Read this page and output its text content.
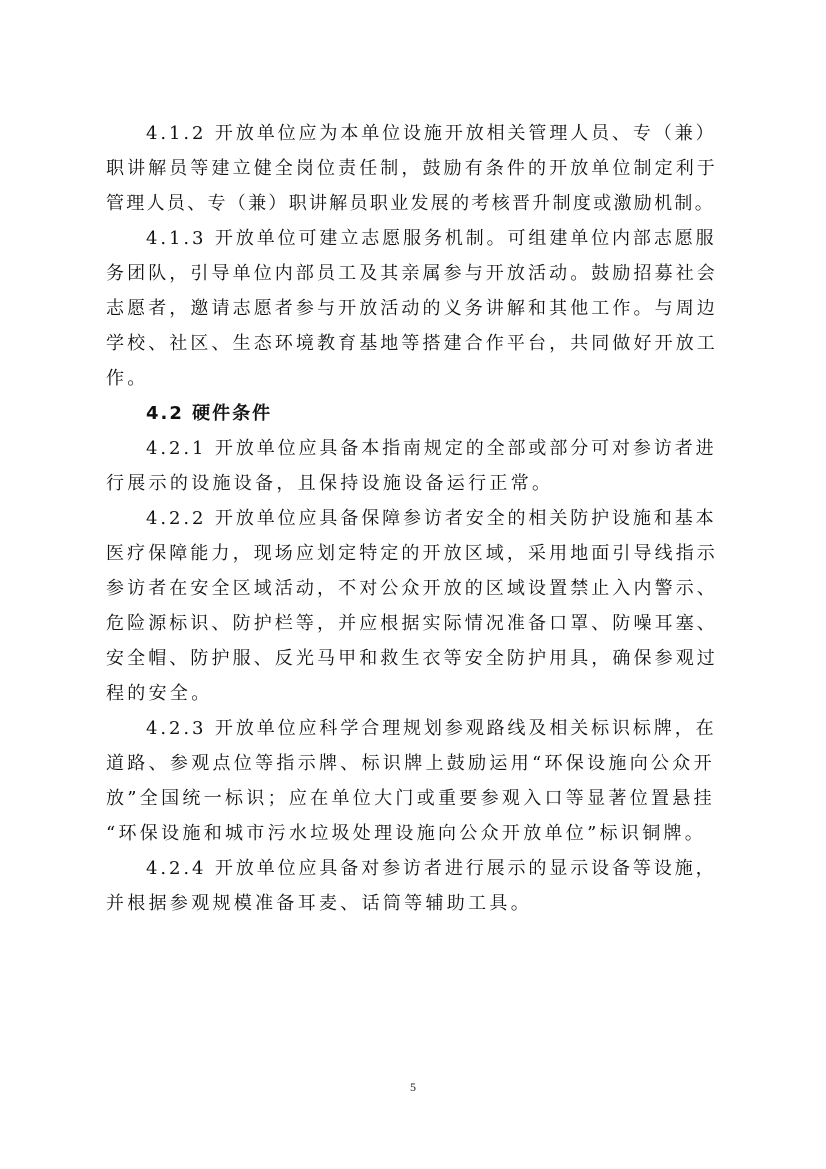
4.1.2 开放单位应为本单位设施开放相关管理人员、专（兼）
职讲解员等建立健全岗位责任制，鼓励有条件的开放单位制定利于
管理人员、专（兼）职讲解员职业发展的考核晋升制度或激励机制。
4.1.3 开放单位可建立志愿服务机制。可组建单位内部志愿服
务团队，引导单位内部员工及其亲属参与开放活动。鼓励招募社会
志愿者，邀请志愿者参与开放活动的义务讲解和其他工作。与周边
学校、社区、生态环境教育基地等搭建合作平台，共同做好开放工
作。
4.2 硬件条件
4.2.1 开放单位应具备本指南规定的全部或部分可对参访者进
行展示的设施设备，且保持设施设备运行正常。
4.2.2 开放单位应具备保障参访者安全的相关防护设施和基本
医疗保障能力，现场应划定特定的开放区域，采用地面引导线指示
参访者在安全区域活动，不对公众开放的区域设置禁止入内警示、
危险源标识、防护栏等，并应根据实际情况准备口罩、防噪耳塞、
安全帽、防护服、反光马甲和救生衣等安全防护用具，确保参观过
程的安全。
4.2.3 开放单位应科学合理规划参观路线及相关标识标牌，在
道路、参观点位等指示牌、标识牌上鼓励运用“环保设施向公众开
放”全国统一标识；应在单位大门或重要参观入口等显著位置悬挂
“环保设施和城市污水垃圾处理设施向公众开放单位”标识铜牌。
4.2.4 开放单位应具备对参访者进行展示的显示设备等设施，
并根据参观规模准备耳麦、话筒等辅助工具。
5
